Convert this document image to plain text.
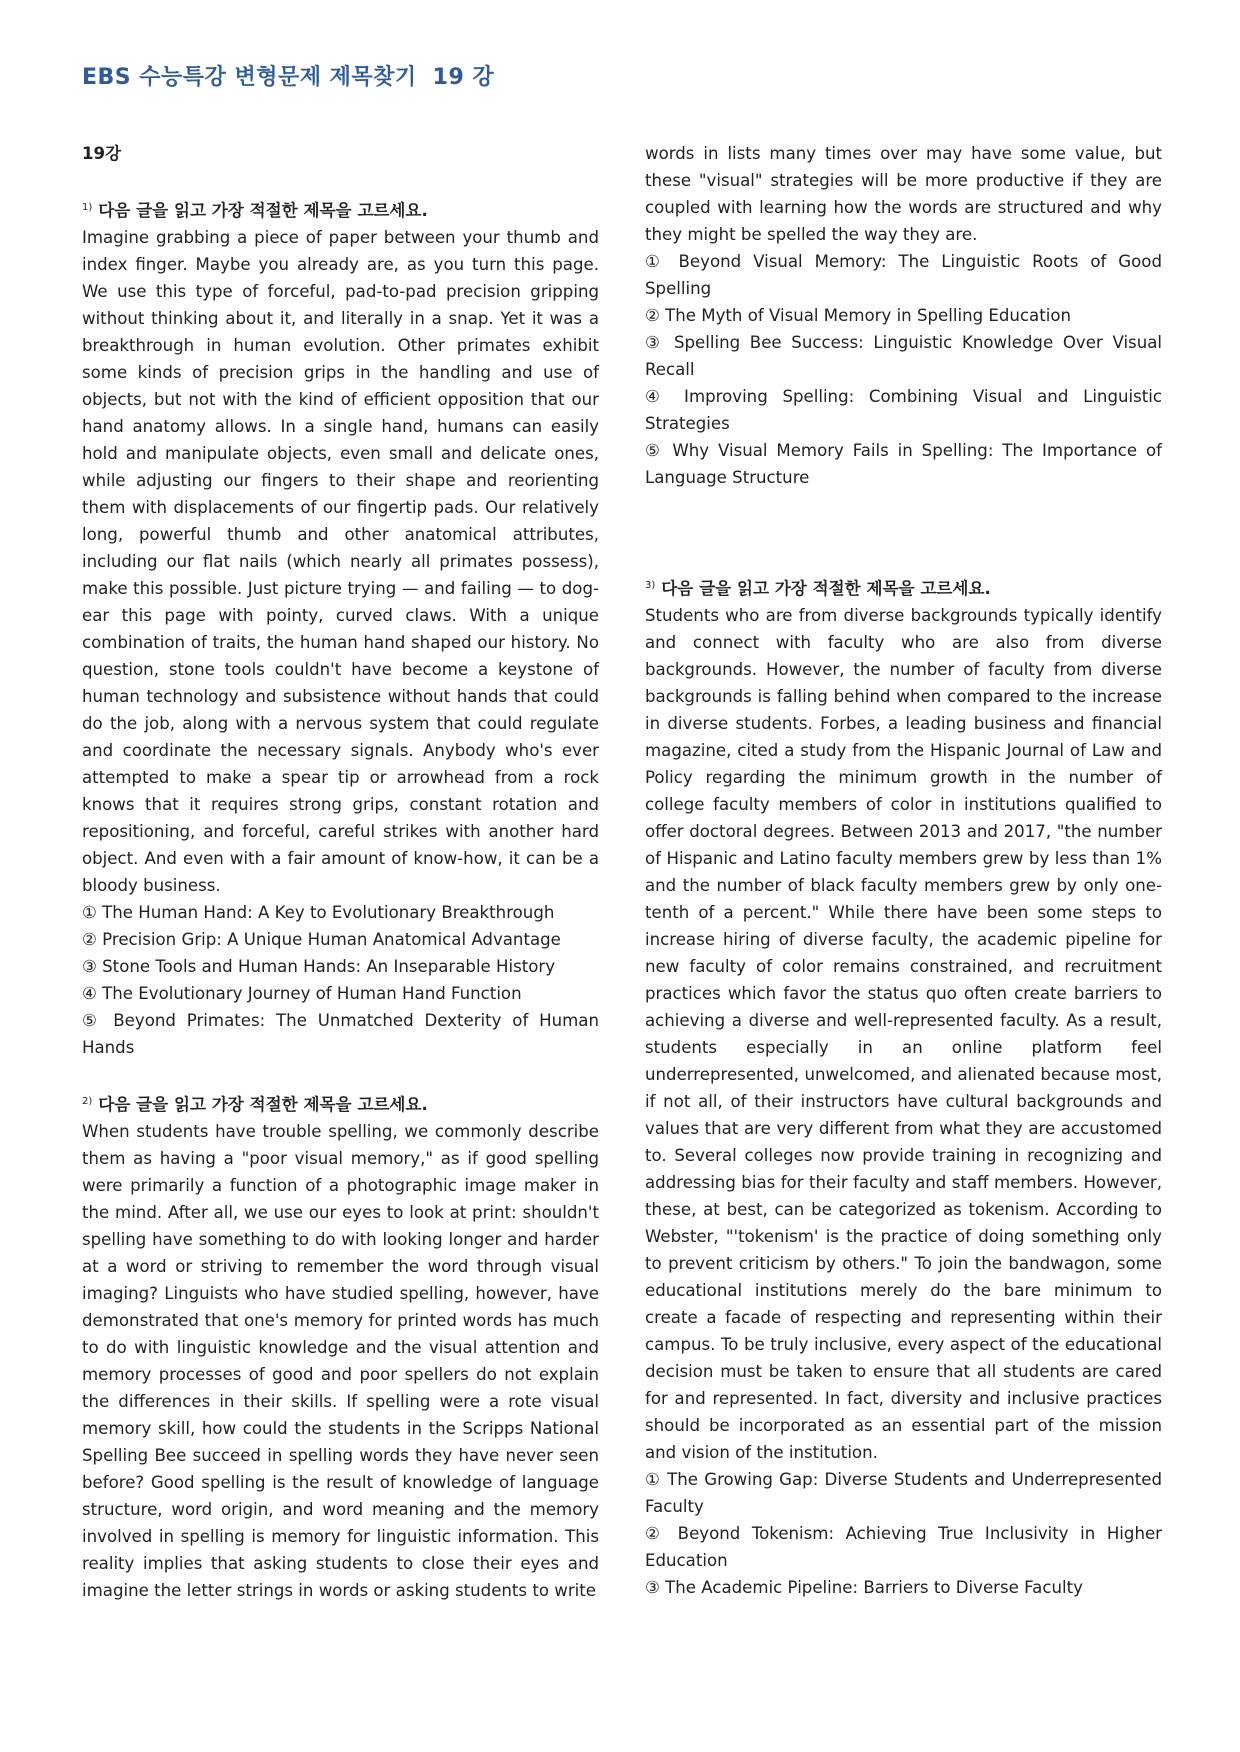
EBS 수능특강 변형문제 제목찾기 19 강
19강
$^{1)}$ 다음 글을 읽고 가장 적절한 제목을 고르세요.

Imagine grabbing a piece of paper between your thumb and index finger. Maybe you already are, as you turn this page. We use this type of forceful, pad-to-pad precision gripping without thinking about it, and literally in a snap. Yet it was a breakthrough in human evolution. Other primates exhibit some kinds of precision grips in the handling and use of objects, but not with the kind of efficient opposition that our hand anatomy allows. In a single hand, humans can easily hold and manipulate objects, even small and delicate ones, while adjusting our fingers to their shape and reorienting them with displacements of our fingertip pads. Our relatively long, powerful thumb and other anatomical attributes, including our flat nails (which nearly all primates possess), make this possible. Just picture trying — and failing — to dog-ear this page with pointy, curved claws. With a unique combination of traits, the human hand shaped our history. No question, stone tools couldn't have become a keystone of human technology and subsistence without hands that could do the job, along with a nervous system that could regulate and coordinate the necessary signals. Anybody who's ever attempted to make a spear tip or arrowhead from a rock knows that it requires strong grips, constant rotation and repositioning, and forceful, careful strikes with another hard object. And even with a fair amount of know-how, it can be a bloody business.

① The Human Hand: A Key to Evolutionary Breakthrough
② Precision Grip: A Unique Human Anatomical Advantage
③ Stone Tools and Human Hands: An Inseparable History
④ The Evolutionary Journey of Human Hand Function
⑤ Beyond Primates: The Unmatched Dexterity of Human Hands
$^{2)}$ 다음 글을 읽고 가장 적절한 제목을 고르세요.

When students have trouble spelling, we commonly describe them as having a "poor visual memory," as if good spelling were primarily a function of a photographic image maker in the mind. After all, we use our eyes to look at print: shouldn't spelling have something to do with looking longer and harder at a word or striving to remember the word through visual imaging? Linguists who have studied spelling, however, have demonstrated that one's memory for printed words has much to do with linguistic knowledge and the visual attention and memory processes of good and poor spellers do not explain the differences in their skills. If spelling were a rote visual memory skill, how could the students in the Scripps National Spelling Bee succeed in spelling words they have never seen before? Good spelling is the result of knowledge of language structure, word origin, and word meaning and the memory involved in spelling is memory for linguistic information. This reality implies that asking students to close their eyes and imagine the letter strings in words or asking students to write

words in lists many times over may have some value, but these "visual" strategies will be more productive if they are coupled with learning how the words are structured and why they might be spelled the way they are.

① Beyond Visual Memory: The Linguistic Roots of Good Spelling
② The Myth of Visual Memory in Spelling Education
③ Spelling Bee Success: Linguistic Knowledge Over Visual Recall
④ Improving Spelling: Combining Visual and Linguistic Strategies
⑤ Why Visual Memory Fails in Spelling: The Importance of Language Structure
$^{3)}$ 다음 글을 읽고 가장 적절한 제목을 고르세요.

Students who are from diverse backgrounds typically identify and connect with faculty who are also from diverse backgrounds. However, the number of faculty from diverse backgrounds is falling behind when compared to the increase in diverse students. Forbes, a leading business and financial magazine, cited a study from the Hispanic Journal of Law and Policy regarding the minimum growth in the number of college faculty members of color in institutions qualified to offer doctoral degrees. Between 2013 and 2017, "the number of Hispanic and Latino faculty members grew by less than 1% and the number of black faculty members grew by only one-tenth of a percent." While there have been some steps to increase hiring of diverse faculty, the academic pipeline for new faculty of color remains constrained, and recruitment practices which favor the status quo often create barriers to achieving a diverse and well-represented faculty. As a result, students especially in an online platform feel underrepresented, unwelcomed, and alienated because most, if not all, of their instructors have cultural backgrounds and values that are very different from what they are accustomed to. Several colleges now provide training in recognizing and addressing bias for their faculty and staff members. However, these, at best, can be categorized as tokenism. According to Webster, "'tokenism' is the practice of doing something only to prevent criticism by others." To join the bandwagon, some educational institutions merely do the bare minimum to create a facade of respecting and representing within their campus. To be truly inclusive, every aspect of the educational decision must be taken to ensure that all students are cared for and represented. In fact, diversity and inclusive practices should be incorporated as an essential part of the mission and vision of the institution.

① The Growing Gap: Diverse Students and Underrepresented Faculty
② Beyond Tokenism: Achieving True Inclusivity in Higher Education
③ The Academic Pipeline: Barriers to Diverse Faculty
